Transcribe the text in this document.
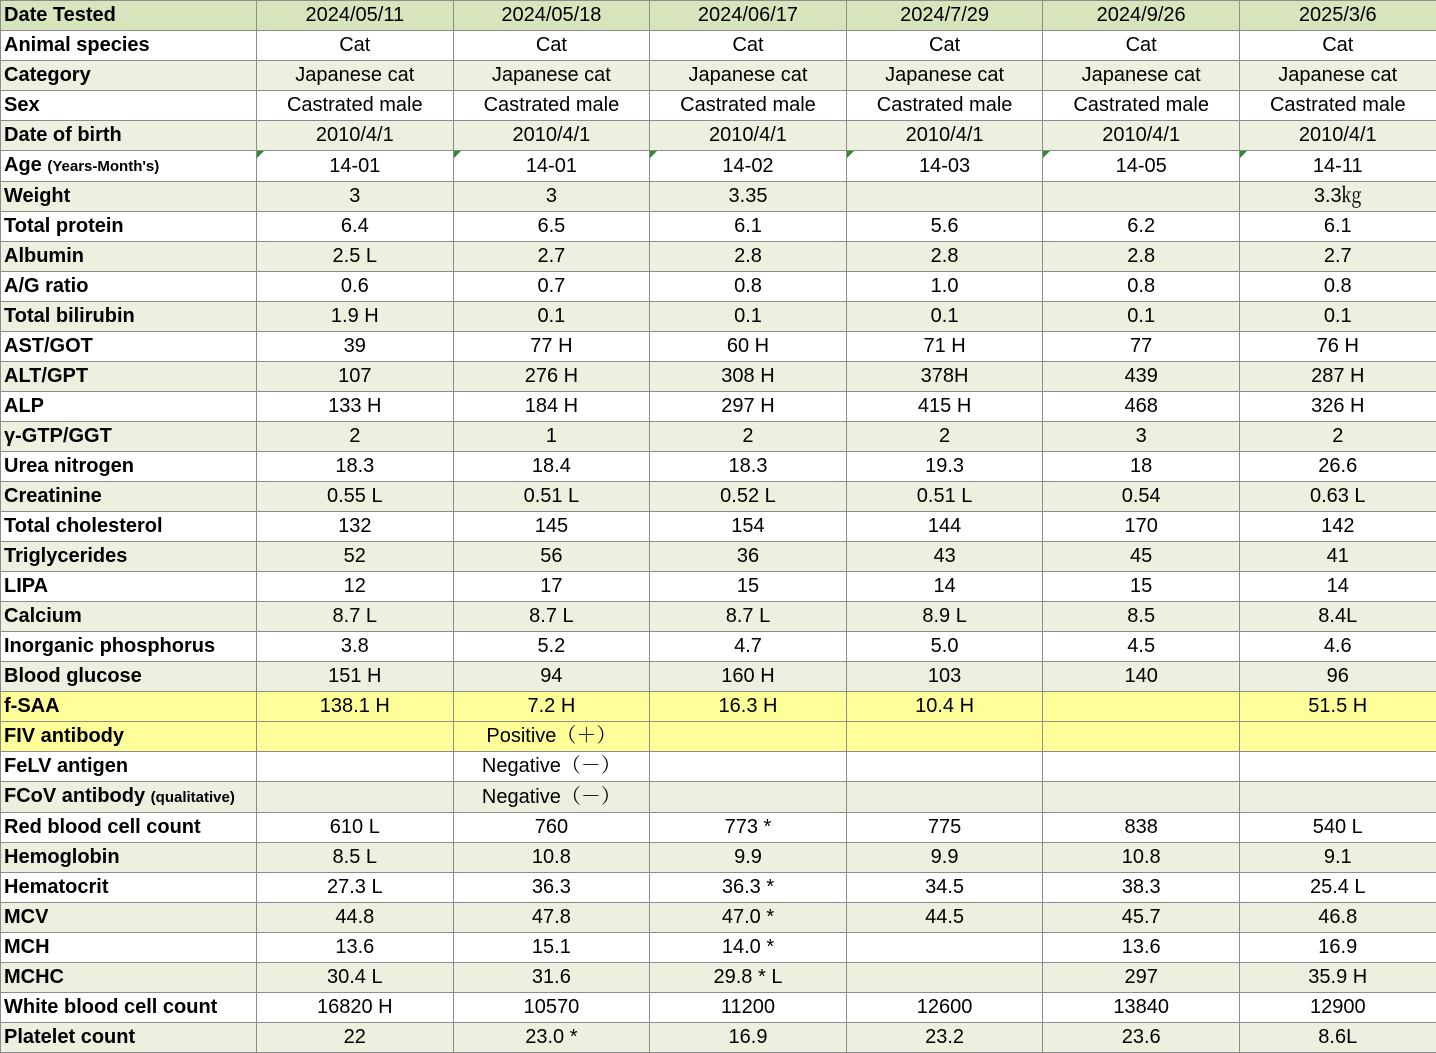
Date Tested	2024/05/11	2024/05/18	2024/06/17	2024/7/29	2024/9/26	2025/3/6
Animal species	Cat	Cat	Cat	Cat	Cat	Cat
Category	Japanese cat	Japanese cat	Japanese cat	Japanese cat	Japanese cat	Japanese cat
Sex	Castrated male	Castrated male	Castrated male	Castrated male	Castrated male	Castrated male
Date of birth	2010/4/1	2010/4/1	2010/4/1	2010/4/1	2010/4/1	2010/4/1
Age (Years-Month's)	14-01	14-01	14-02	14-03	14-05	14-11
Weight	3	3	3.35			3.3㎏
Total protein	6.4	6.5	6.1	5.6	6.2	6.1
Albumin	2.5 L	2.7	2.8	2.8	2.8	2.7
A/G ratio	0.6	0.7	0.8	1.0	0.8	0.8
Total bilirubin	1.9 H	0.1	0.1	0.1	0.1	0.1
AST/GOT	39	77 H	60 H	71 H	77	76 H
ALT/GPT	107	276 H	308 H	378H	439	287 H
ALP	133 H	184 H	297 H	415 H	468	326 H
γ-GTP/GGT	2	1	2	2	3	2
Urea nitrogen	18.3	18.4	18.3	19.3	18	26.6
Creatinine	0.55 L	0.51 L	0.52 L	0.51 L	0.54	0.63 L
Total cholesterol	132	145	154	144	170	142
Triglycerides	52	56	36	43	45	41
LIPA	12	17	15	14	15	14
Calcium	8.7 L	8.7 L	8.7 L	8.9 L	8.5	8.4L
Inorganic phosphorus	3.8	5.2	4.7	5.0	4.5	4.6
Blood glucose	151 H	94	160 H	103	140	96
f-SAA	138.1 H	7.2 H	16.3 H	10.4 H		51.5 H
FIV antibody		Positive（＋）				
FeLV antigen		Negative（－）				
FCoV antibody (qualitative)		Negative（－）				
Red blood cell count	610 L	760	773 *	775	838	540 L
Hemoglobin	8.5 L	10.8	9.9	9.9	10.8	9.1
Hematocrit	27.3 L	36.3	36.3 *	34.5	38.3	25.4 L
MCV	44.8	47.8	47.0 *	44.5	45.7	46.8
MCH	13.6	15.1	14.0 *		13.6	16.9
MCHC	30.4 L	31.6	29.8 * L		297	35.9 H
White blood cell count	16820 H	10570	11200	12600	13840	12900
Platelet count	22	23.0 *	16.9	23.2	23.6	8.6L
